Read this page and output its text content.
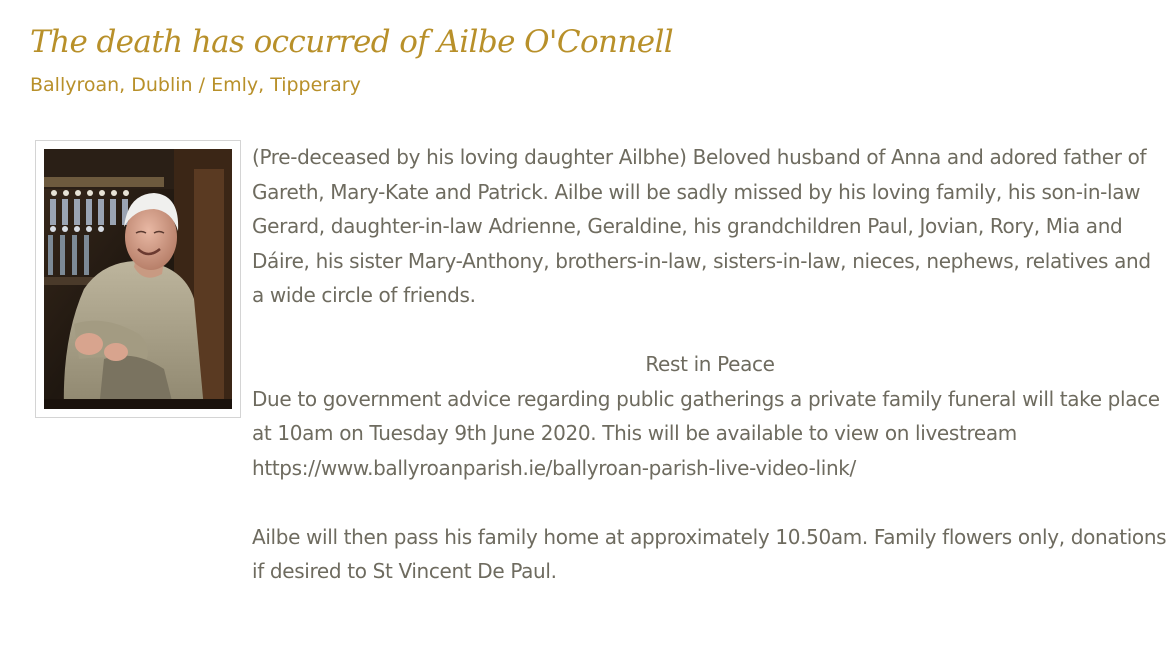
The death has occurred of Ailbe O'Connell
Ballyroan, Dublin / Emly, Tipperary

(Pre-deceased by his loving daughter Ailbhe) Beloved husband of Anna and adored father of Gareth, Mary-Kate and Patrick. Ailbe will be sadly missed by his loving family, his son-in-law Gerard, daughter-in-law Adrienne, Geraldine, his grandchildren Paul, Jovian, Rory, Mia and Dáire, his sister Mary-Anthony, brothers-in-law, sisters-in-law, nieces, nephews, relatives and a wide circle of friends.

Rest in Peace

Due to government advice regarding public gatherings a private family funeral will take place at 10am on Tuesday 9th June 2020. This will be available to view on livestream

https://www.ballyroanparish.ie/ballyroan-parish-live-video-link/

Ailbe will then pass his family home at approximately 10.50am. Family flowers only, donations if desired to St Vincent De Paul.
